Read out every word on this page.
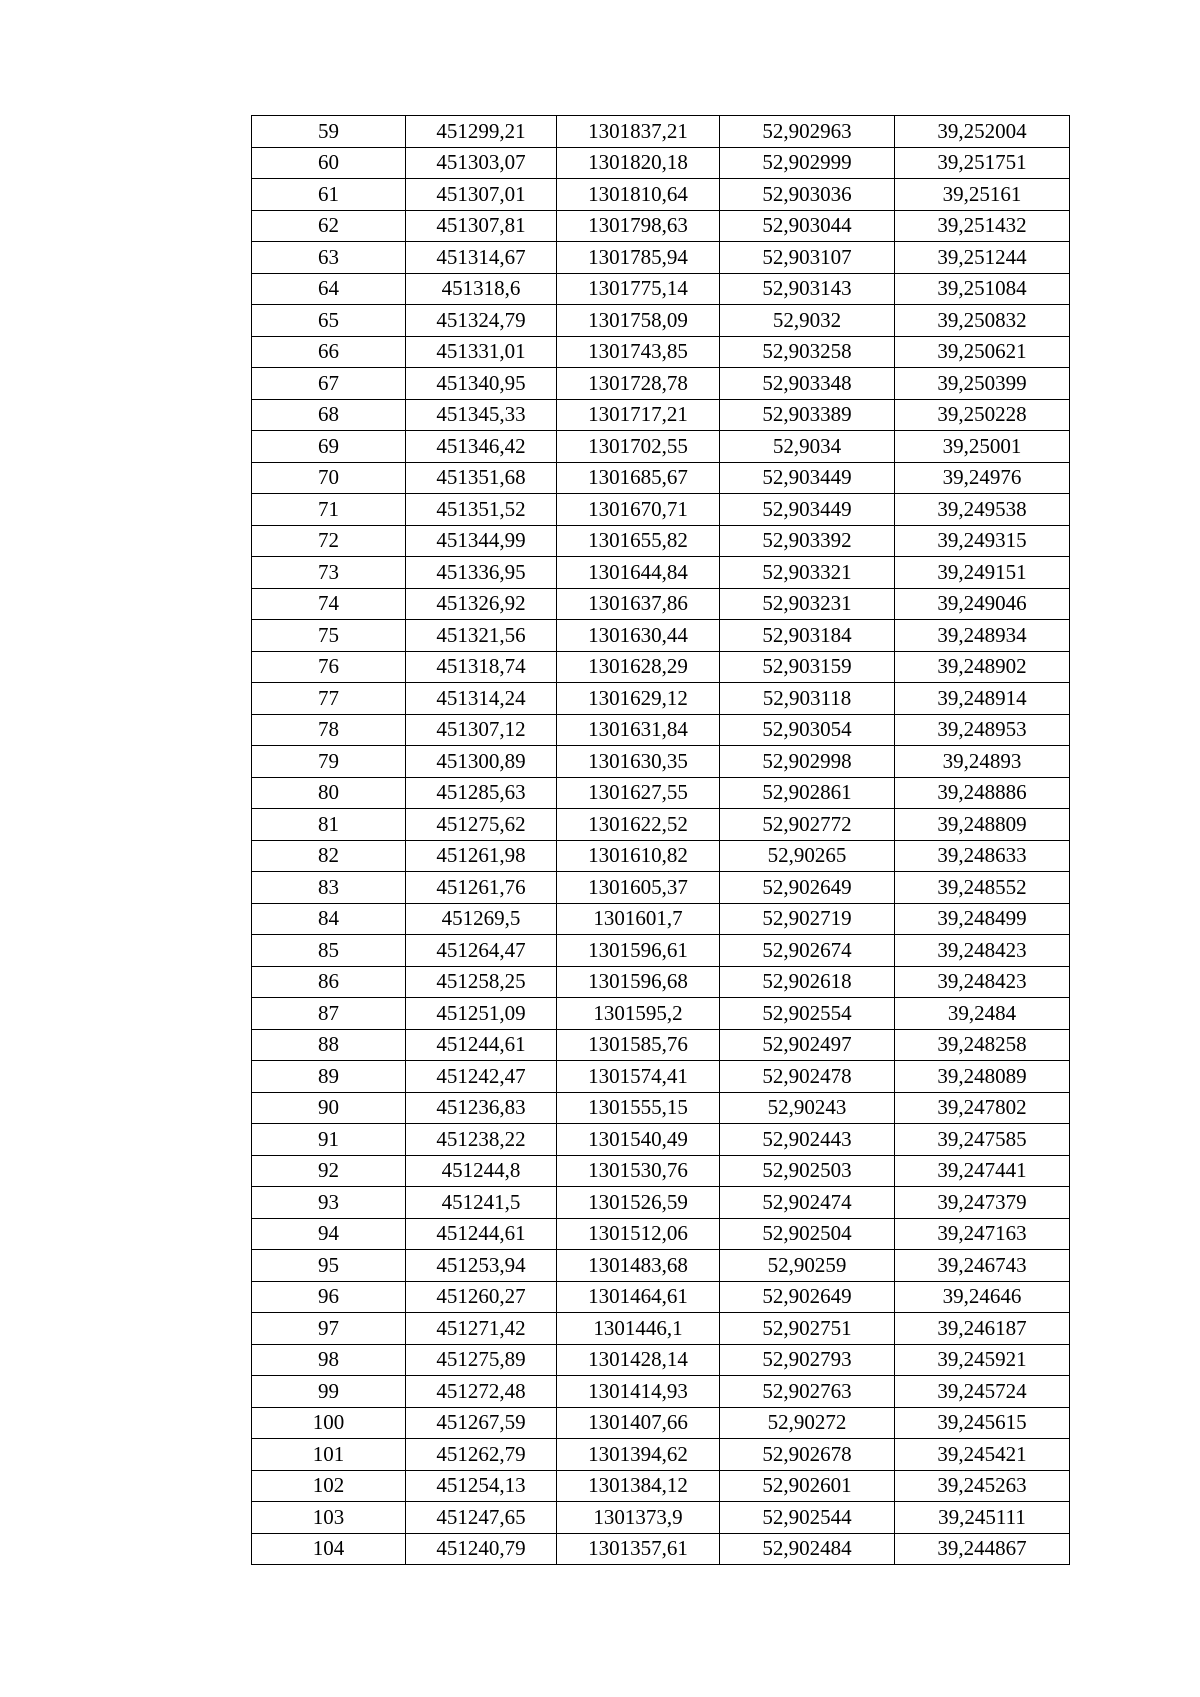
59	451299,21	1301837,21	52,902963	39,252004
60	451303,07	1301820,18	52,902999	39,251751
61	451307,01	1301810,64	52,903036	39,25161
62	451307,81	1301798,63	52,903044	39,251432
63	451314,67	1301785,94	52,903107	39,251244
64	451318,6	1301775,14	52,903143	39,251084
65	451324,79	1301758,09	52,9032	39,250832
66	451331,01	1301743,85	52,903258	39,250621
67	451340,95	1301728,78	52,903348	39,250399
68	451345,33	1301717,21	52,903389	39,250228
69	451346,42	1301702,55	52,9034	39,25001
70	451351,68	1301685,67	52,903449	39,24976
71	451351,52	1301670,71	52,903449	39,249538
72	451344,99	1301655,82	52,903392	39,249315
73	451336,95	1301644,84	52,903321	39,249151
74	451326,92	1301637,86	52,903231	39,249046
75	451321,56	1301630,44	52,903184	39,248934
76	451318,74	1301628,29	52,903159	39,248902
77	451314,24	1301629,12	52,903118	39,248914
78	451307,12	1301631,84	52,903054	39,248953
79	451300,89	1301630,35	52,902998	39,24893
80	451285,63	1301627,55	52,902861	39,248886
81	451275,62	1301622,52	52,902772	39,248809
82	451261,98	1301610,82	52,90265	39,248633
83	451261,76	1301605,37	52,902649	39,248552
84	451269,5	1301601,7	52,902719	39,248499
85	451264,47	1301596,61	52,902674	39,248423
86	451258,25	1301596,68	52,902618	39,248423
87	451251,09	1301595,2	52,902554	39,2484
88	451244,61	1301585,76	52,902497	39,248258
89	451242,47	1301574,41	52,902478	39,248089
90	451236,83	1301555,15	52,90243	39,247802
91	451238,22	1301540,49	52,902443	39,247585
92	451244,8	1301530,76	52,902503	39,247441
93	451241,5	1301526,59	52,902474	39,247379
94	451244,61	1301512,06	52,902504	39,247163
95	451253,94	1301483,68	52,90259	39,246743
96	451260,27	1301464,61	52,902649	39,24646
97	451271,42	1301446,1	52,902751	39,246187
98	451275,89	1301428,14	52,902793	39,245921
99	451272,48	1301414,93	52,902763	39,245724
100	451267,59	1301407,66	52,90272	39,245615
101	451262,79	1301394,62	52,902678	39,245421
102	451254,13	1301384,12	52,902601	39,245263
103	451247,65	1301373,9	52,902544	39,245111
104	451240,79	1301357,61	52,902484	39,244867
